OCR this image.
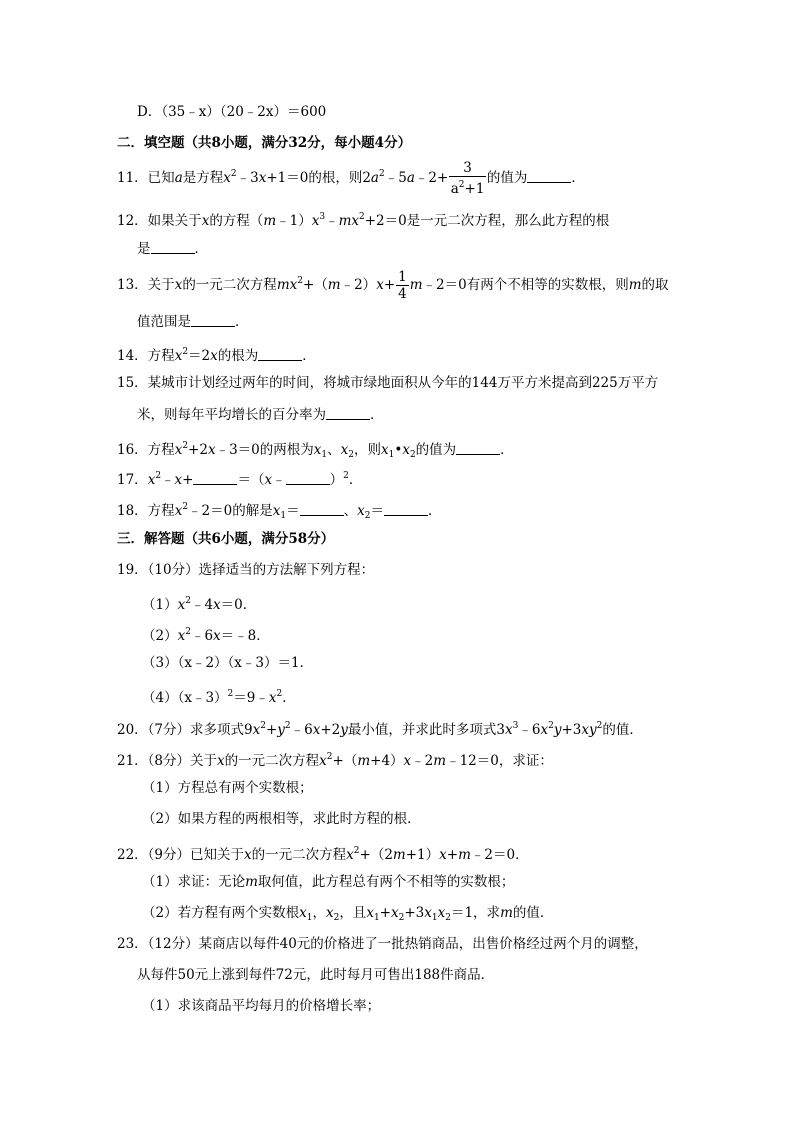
D．（35﹣x）（20﹣2x）＝600
二．填空题（共8小题，满分32分，每小题4分）
11．已知a是方程$x^2﹣3x+1=0$的根，则$2a^2﹣5a﹣2+ \frac{3}{a^2+1}$ 的值为	．
12．如果关于x的方程$(m﹣1)x^3﹣mx^2+2=0$是一元二次方程，那么此方程的根
是	．
13．关于x的一元二次方程$mx^2+(m﹣2)x+ \frac{1}{4}$ m﹣2＝0有两个不相等的实数根，则m的取
值范围是	．
14．方程$x^2=2x$的根为	．
15．某城市计划经过两年的时间，将城市绿地面积从今年的144万平方米提高到225万平方
米，则每年平均增长的百分率为	．
16．方程$x^2+2x﹣3=0$的两根为$x_1$、$x_2$，则$x_1•x_2$的值为	．
17．$x^2﹣x+$	＝（x﹣	）$^2$．
18．方程$x^2﹣2=0$的解是$x_1=$	、$x_2=$	．
三．解答题（共6小题，满分58分）
19．（10分）选择适当的方法解下列方程：
$(1)x^2﹣4x=0$．
$(2)x^2﹣6x=﹣8$．
（3）（x﹣2）（x﹣3）＝1．
$(4)(x﹣3)^2=9﹣x^2$．
20．（7分）求多项式$9x^2+y^2﹣6x+2y$最小值，并求此时多项式$3x^3﹣6x^2y+3xy^2$的值．
21．（8分）关于x的一元二次方程$x^2+(m+4)x﹣2m﹣12=0$，求证：
（1）方程总有两个实数根；
（2）如果方程的两根相等，求此时方程的根．
22．（9分）已知关于x的一元二次方程$x^2+(2m+1)x+m﹣2=0$．
（1）求证：无论m取何值，此方程总有两个不相等的实数根；
（2）若方程有两个实数根$x_1$，$x_2$，且$x_1+x_2+3x_1x_2=1$，求m的值．
23．（12分）某商店以每件40元的价格进了一批热销商品，出售价格经过两个月的调整，
从每件50元上涨到每件72元，此时每月可售出188件商品．
（1）求该商品平均每月的价格增长率；
